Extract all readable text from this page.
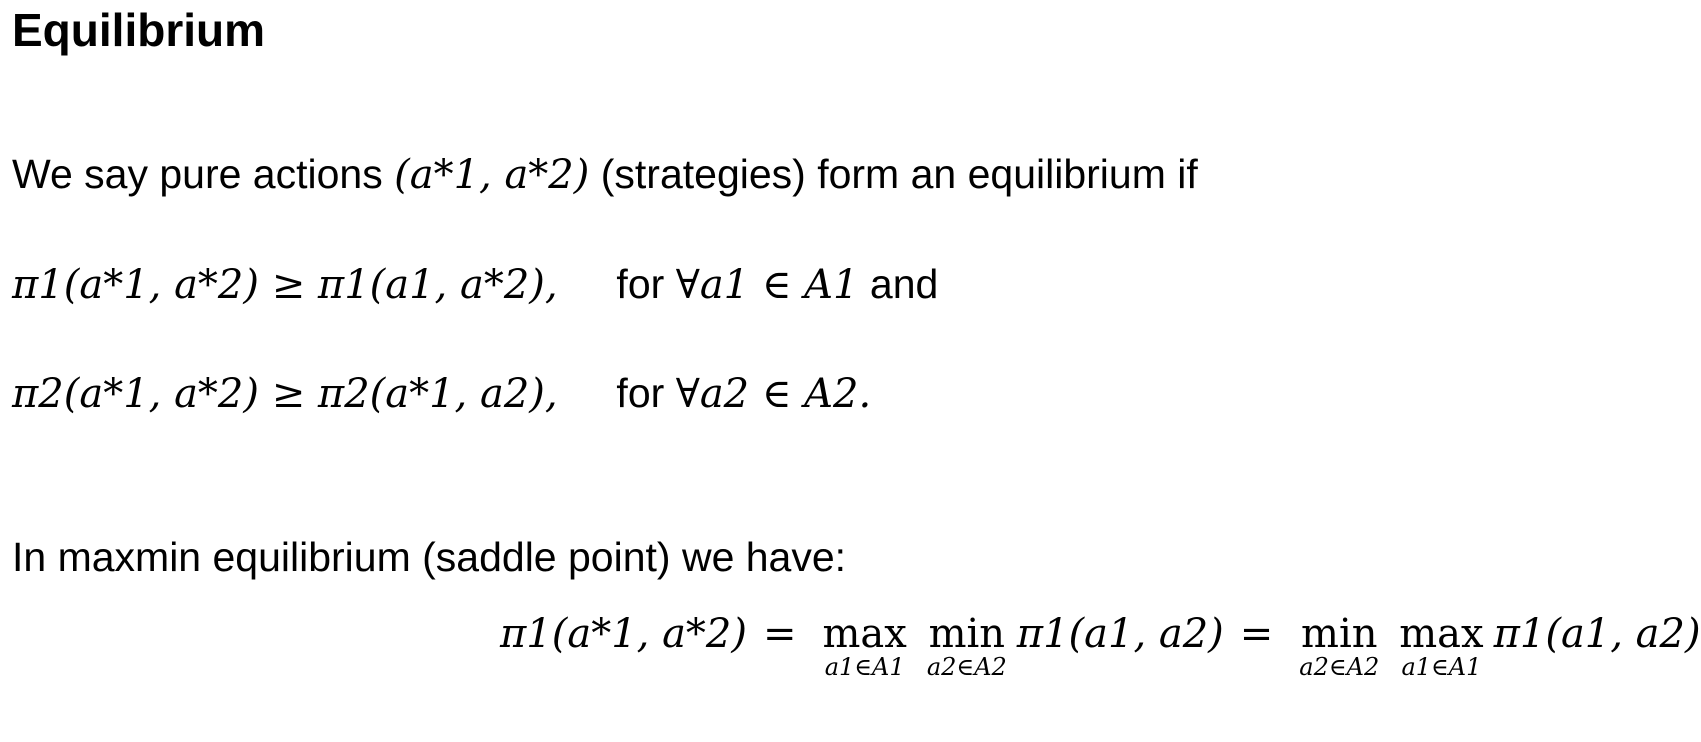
Equilibrium
We say pure actions (a*1, a*2) (strategies) form an equilibrium if
π1(a*1, a*2) ≥ π1(a1, a*2), for ∀a1 ∈ A1 and
π2(a*1, a*2) ≥ π2(a*1, a2), for ∀a2 ∈ A2.
In maxmin equilibrium (saddle point) we have:
π1(a*1, a*2) = max
a1∈A1
min
a2∈A2
π1(a1, a2) = min
a2∈A2
max
a1∈A1
π1(a1, a2)
